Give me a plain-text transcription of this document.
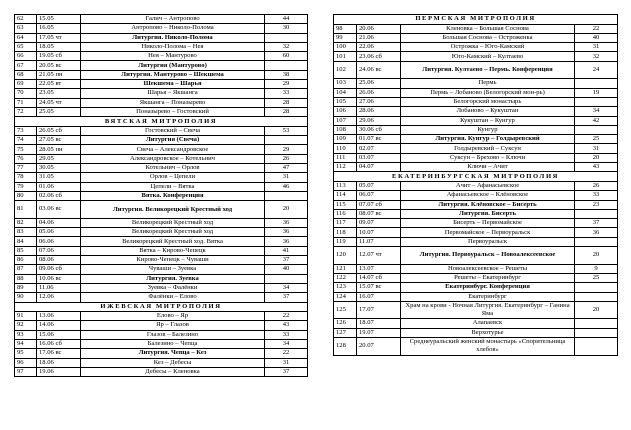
62	15.05	Галич – Антропово	44
63	16.05	Антропово – Николо-Полома	30
64	17.05 чт	Литургия. Николо-Полома	
65	18.05	Николо-Полома – Нея	32
66	19.05 сб	Нея – Мантурово	60
67	20.05 вс	Литургия (Мантурово)	
68	21.05 пн	Литургия. Мантурово – Шекшема	38
69	22.05 вт	Шекшема – Шарья	29
70	23.05	Шарья – Якшанга	33
71	24.05 чт	Якшанга – Поназырево	28
72	25.05	Поназырево – Гостовский	28
ВЯТСКАЯ МИТРОПОЛИЯ			
73	26.05 сб	Гостовский – Свеча	53
74	27.05 вс	Литургия (Свеча)	
75	28.05 пн	Свеча – Александровское	29
76	29.05	Александровское – Котельнич	26
77	30.05	Котельнич – Орлов	47
78	31.05	Орлов – Цепели	31
79	01.06	Цепели – Вятка	46
80	02.06 сб	Вятка. Конференция	
81	03.06 вс	Литургия. Великорецкий Крестный ход	20
82	04.06	Великорецкий Крестный ход	36
83	05.06	Великорецкий Крестный ход	36
84	06.06	Великорецкий Крестный ход. Вятка	36
85	07.06	Вятка – Кирово-Чепецк	41
86	08.06	Кирово-Чепецк – Чуваши	37
87	09.06 сб	Чуваши – Зуевка	40
88	10.06 вс	Литургия. Зуевка	
89	11.06	Зуевка – Фалёнки	34
90	12.06	Фалёнки – Елово	37
ИЖЕВСКАЯ МИТРОПОЛИЯ			
91	13.06	Елово – Яр	22
92	14.06	Яр – Глазов	43
93	15.06	Глазов – Балезино	33
94	16.06 сб	Балезино – Чепца	34
95	17.06 вс	Литургия. Чепца – Кез	22
96	18.06	Кез – Дебесы	31
97	19.06	Дебесы – Кленовка	37
ПЕРМСКАЯ МИТРОПОЛИЯ			
98	20.06	Кленовка – Большая Соснова	22
99	21.06	Большая Соснова – Остроженка	40
100	22.06	Острожка – Юго-Камский	31
101	23.06 сб	Юго-Камский – Култаево	32
102	24.06 вс	Литургия. Култаево – Пермь. Конференция	24
103	25.06	Пермь	
104	26.06	Пермь – Лобаново (Белогорский мон-рь)	19
105	27.06	Белогорский монастырь	
106	28.06	Лобаново – Кукуштан	34
107	29.06	Кукуштан – Кунгур	42
108	30.06 сб	Кунгур	
109	01.07 вс	Литургия. Кунгур – Голдыревский	25
110	02.07	Голдыревский – Суксун	31
111	03.07	Суксун – Брехово – Ключи	20
112	04.07	Ключи – Ачит	43
ЕКАТЕРИНБУРГСКАЯ МИТРОПОЛИЯ			
113	05.07	Ачит – Афанасьевское	26
114	06.07	Афанасьевское – Клёновское	33
115	07.07 сб	Литургия. Клёновское – Бисерть	23
116	08.07 вс	Литургия. Бисерть	
117	09.07	Бисерть – Первомайское	37
118	10.07	Первомайское – Первоуральск	36
119	11.07	Первоуральск	
120	12.07 чт	Литургия. Первоуральск – Новоалексеевское	20
121	13.07	Новоалексеевское – Решеты	9
122	14.07 сб	Решеты – Екатеринбург	25
123	15.07 вс	Екатеринбург. Конференция	
124	16.07	Екатеринбург	
125	17.07	Храм на крови - Ночная Литургия. Екатеринбург – Ганина Яма	20
126	18.07	Алапаевск	
127	19.07	Верхотурье	
128	20.07	Среднеуральский женский монастырь «Спорительница хлебов»	
